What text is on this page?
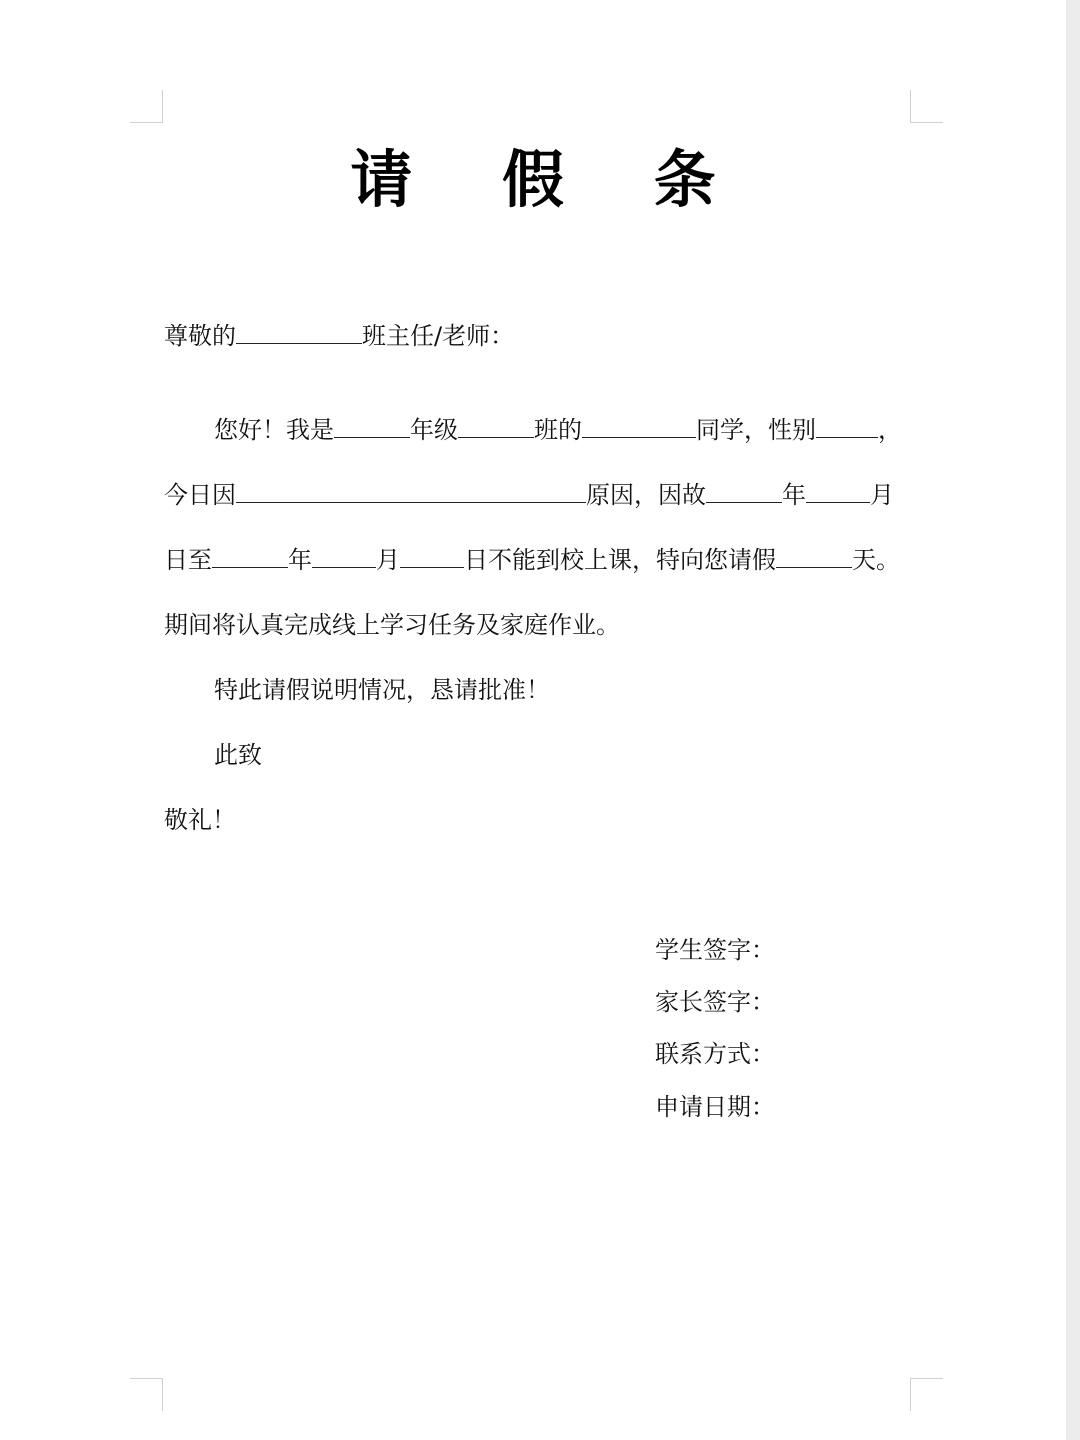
请 假 条
尊敬的	班主任/老师：
您好！我是	年级	班的	同学，性别	，
今日因	原因，因故	年	月
日至	年	月	日不能到校上课，特向您请假	天。
期间将认真完成线上学习任务及家庭作业。
特此请假说明情况，恳请批准！
此致
敬礼！
学生签字：
家长签字：
联系方式：
申请日期：
